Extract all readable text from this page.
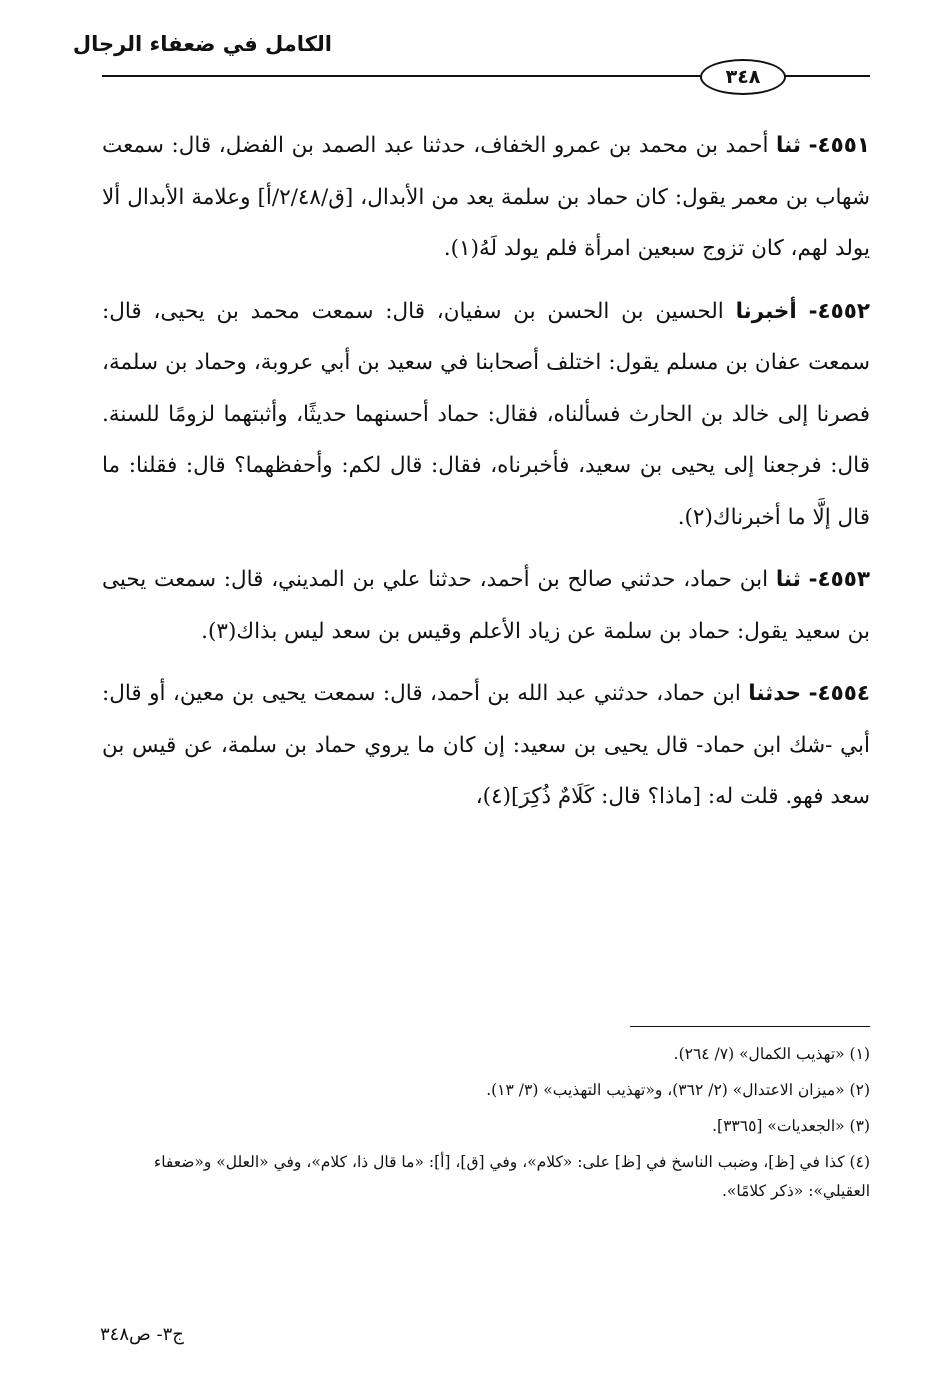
الكامل في ضعفاء الرجال
٣٤٨

٤٥٥١- ثنا أحمد بن محمد بن عمرو الخفاف، حدثنا عبد الصمد بن الفضل، قال: سمعت شهاب بن معمر يقول: كان حماد بن سلمة يعد من الأبدال، [ق/٢/٤٨/أ] وعلامة الأبدال ألا يولد لهم، كان تزوج سبعين امرأة فلم يولد لَهُ(١).

٤٥٥٢- أخبرنا الحسين بن الحسن بن سفيان، قال: سمعت محمد بن يحيى، قال: سمعت عفان بن مسلم يقول: اختلف أصحابنا في سعيد بن أبي عروبة، وحماد بن سلمة، فصرنا إلى خالد بن الحارث فسألناه، فقال: حماد أحسنهما حديثًا، وأثبتهما لزومًا للسنة. قال: فرجعنا إلى يحيى بن سعيد، فأخبرناه، فقال: قال لكم: وأحفظهما؟ قال: فقلنا: ما قال إلَّا ما أخبرناك(٢).

٤٥٥٣- ثنا ابن حماد، حدثني صالح بن أحمد، حدثنا علي بن المديني، قال: سمعت يحيى بن سعيد يقول: حماد بن سلمة عن زياد الأعلم وقيس بن سعد ليس بذاك(٣).

٤٥٥٤- حدثنا ابن حماد، حدثني عبد الله بن أحمد، قال: سمعت يحيى بن معين، أو قال: أبي -شك ابن حماد- قال يحيى بن سعيد: إن كان ما يروي حماد بن سلمة، عن قيس بن سعد فهو. قلت له: [ماذا؟ قال: كَلَامٌ ذُكِرَ](٤)،

(١) «تهذيب الكمال» (٧/ ٢٦٤).
(٢) «ميزان الاعتدال» (٢/ ٣٦٢)، و«تهذيب التهذيب» (٣/ ١٣).
(٣) «الجعديات» [٣٣٦٥].
(٤) كذا في [ظ]، وضبب الناسخ في [ظ] على: «كلام»، وفي [ق]، [أ]: «ما قال ذا، كلام»، وفي «العلل» و«ضعفاء العقيلي»: «ذكر كلامًا».
ج٣- ص٣٤٨
